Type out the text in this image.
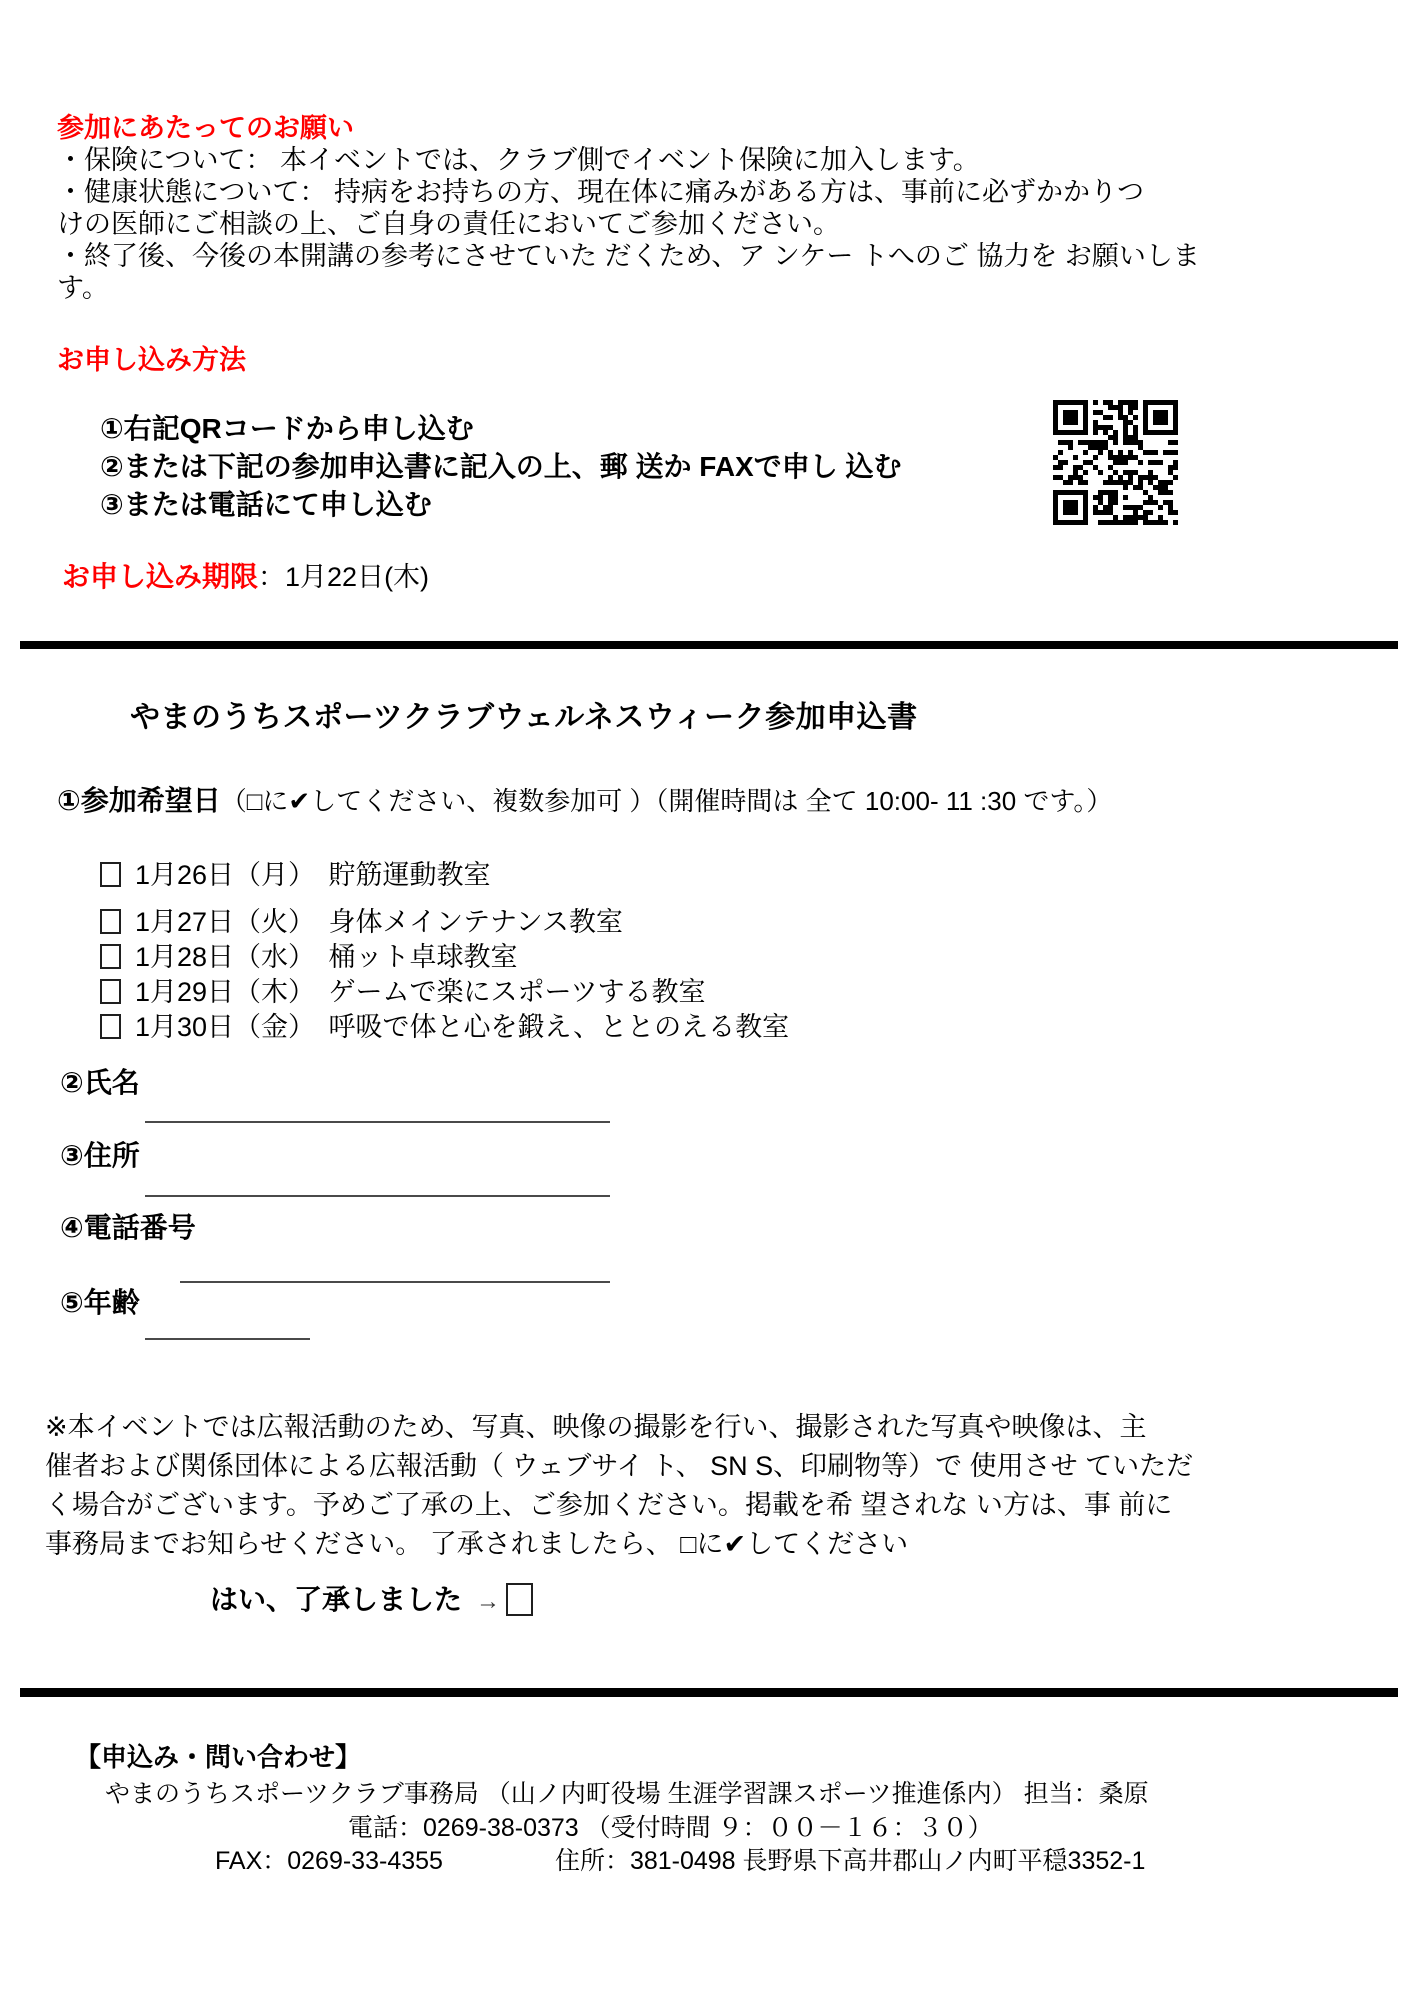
参加にあたってのお願い
・保険について： 本イベントでは、クラブ側でイベント保険に加入します。
・健康状態について： 持病をお持ちの方、現在体に痛みがある方は、事前に必ずかかりつ
けの医師にご相談の上、ご自身の責任においてご参加ください。
・終了後、今後の本開講の参考にさせていた だくため、ア ンケー トへのご 協力を お願いしま
す。
お申し込み方法
①右記QRコードから申し込む
②または下記の参加申込書に記入の上、郵 送か FAXで申し 込む
③または電話にて申し込む
お申し込み期限：1月22日(木)
やまのうちスポーツクラブウェルネスウィーク参加申込書
①参加希望日（□に✔してください、複数参加可 ）（開催時間は 全て 10:00- 11 :30 です。）
1月26日（月）　貯筋運動教室
1月27日（火）　身体メインテナンス教室
1月28日（水）　桶ット卓球教室
1月29日（木）　ゲームで楽にスポーツする教室
1月30日（金）　呼吸で体と心を鍛え、ととのえる教室
②氏名
③住所
④電話番号
⑤年齢
※本イベントでは広報活動のため、写真、映像の撮影を行い、撮影された写真や映像は、主
催者および関係団体による広報活動（ ウェブサイ ト、 SN S、印刷物等）で 使用させ ていただ
く場合がございます。予めご了承の上、ご参加ください。掲載を希 望されな い方は、事 前に
事務局までお知らせください。 了承されましたら、 □に✔してください
はい、了承しました →
【申込み・問い合わせ】
やまのうちスポーツクラブ事務局 （山ノ内町役場 生涯学習課スポーツ推進係内） 担当：桑原
電話：0269-38-0373 （受付時間 ９：００－１６：３０）
FAX：0269-33-4355	住所：381-0498 長野県下高井郡山ノ内町平穏3352-1
